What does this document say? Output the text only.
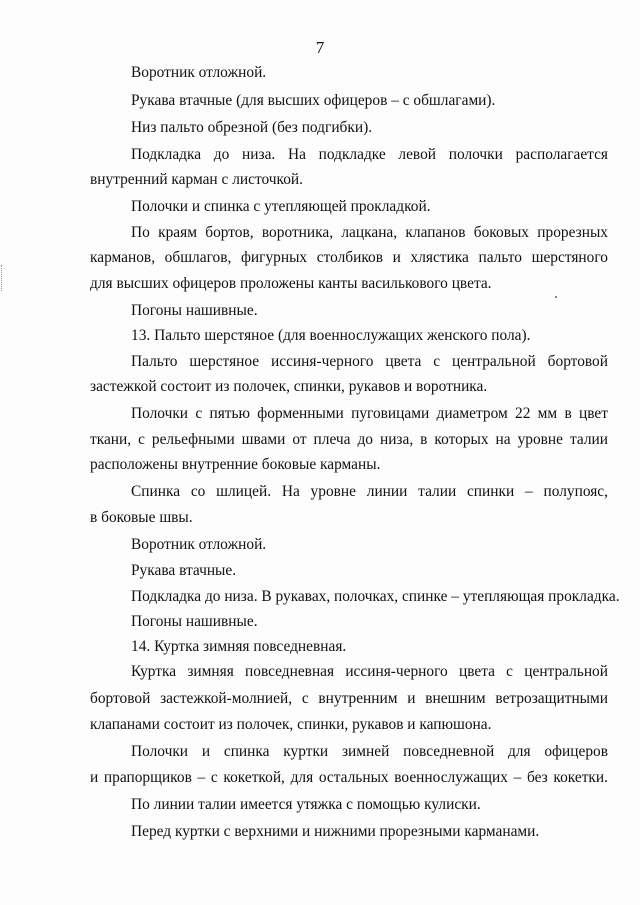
7
Воротник отложной.
Рукава втачные (для высших офицеров – с обшлагами).
Низ пальто обрезной (без подгибки).
Подкладка до низа. На подкладке левой полочки располагается
внутренний карман с листочкой.
Полочки и спинка с утепляющей прокладкой.
По краям бортов, воротника, лацкана, клапанов боковых прорезных
карманов, обшлагов, фигурных столбиков и хлястика пальто шерстяного
для высших офицеров проложены канты василькового цвета.
Погоны нашивные.
13. Пальто шерстяное (для военнослужащих женского пола).
Пальто шерстяное иссиня-черного цвета с центральной бортовой
застежкой состоит из полочек, спинки, рукавов и воротника.
Полочки с пятью форменными пуговицами диаметром 22 мм в цвет
ткани, с рельефными швами от плеча до низа, в которых на уровне талии
расположены внутренние боковые карманы.
Спинка со шлицей. На уровне линии талии спинки – полупояс,
в боковые швы.
Воротник отложной.
Рукава втачные.
Подкладка до низа. В рукавах, полочках, спинке – утепляющая прокладка.
Погоны нашивные.
14. Куртка зимняя повседневная.
Куртка зимняя повседневная иссиня-черного цвета с центральной
бортовой застежкой-молнией, с внутренним и внешним ветрозащитными
клапанами состоит из полочек, спинки, рукавов и капюшона.
Полочки и спинка куртки зимней повседневной для офицеров
и прапорщиков – с кокеткой, для остальных военнослужащих – без кокетки.
По линии талии имеется утяжка с помощью кулиски.
Перед куртки с верхними и нижними прорезными карманами.
